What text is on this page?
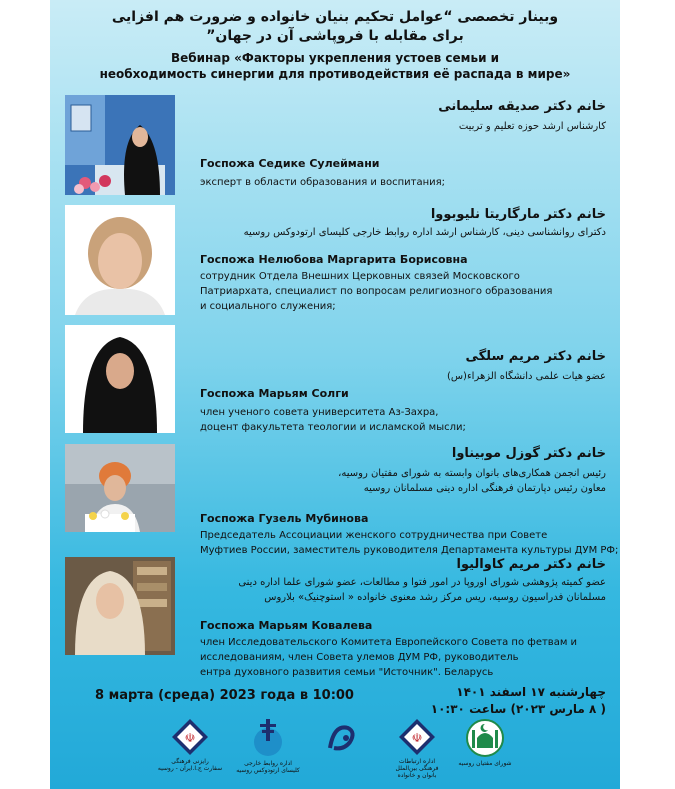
وبینار تخصصی “عوامل تحکیم بنیان خانواده و ضرورت هم افزایی
برای مقابله با فروپاشی آن در جهان”
Вебинар «Факторы укрепления устоев семьи и
необходимость синергии для противодействия её распада в мире»
خانم دکتر صدیقه سلیمانی
کارشناس ارشد حوزه تعلیم و تربیت
Госпожа Седике Сулеймани
эксперт в области образования и воспитания;
خانم دکتر مارگاریتا نلیوبووا
دکترای روانشناسی دینی، کارشناس ارشد اداره روابط خارجی کلیسای ارتودوکس روسیه
Госпожа Нелюбова Маргарита Борисовна
сотрудник Отдела Внешних Церковных связей Московского
Патриархата, специалист по вопросам религиозного образования
и социального служения;
خانم دکتر مریم سلگی
عضو هیات علمی دانشگاه الزهراء(س)
Госпожа Марьям Солги
член ученого совета университета Аз-Захра,
доцент факультета теологии и исламской мысли;
خانم دکتر گوزل موبیناوا
رئیس انجمن همکاری‌های بانوان وابسته به شورای مفتیان روسیه،
معاون رئیس دپارتمان فرهنگی اداره دینی مسلمانان روسیه
Госпожа Гузель Мубинова
Председатель Ассоциации женского сотрудничества при Совете
Муфтиев России, заместитель руководителя Департамента культуры ДУМ РФ;
خانم دکتر مریم کاوالیوا
عضو کمیته پژوهشی شورای اوروپا در امور فتوا و مطالعات، عضو شورای علما اداره دینی
مسلمانان فدراسیون روسیه، ریس مرکز رشد معنوی خانواده « استوچنیک» بلاروس
Госпожа Марьям Ковалева
член Исследовательского Комитета Европейского Совета по фетвам и
исследованиям, член Совета улемов ДУМ РФ, руководитель
ентра духовного развития семьи "Источник". Беларусь
8 марта (среда) 2023 года в 10:00	چهارشنبه ۱۷ اسفند ۱۴۰۱
( ۸ مارس ۲۰۲۳) ساعت ۱۰:۳۰
☫
رایزنی فرهنگی
سفارت ج.ا.ایران - روسیه
اداره روابط خارجی
کلیسای ارتودوکس روسیه
☫
اداره ارتباطات
فرهنگی بین‌الملل
بانوان و خانواده
شورای مفتیان روسیه
